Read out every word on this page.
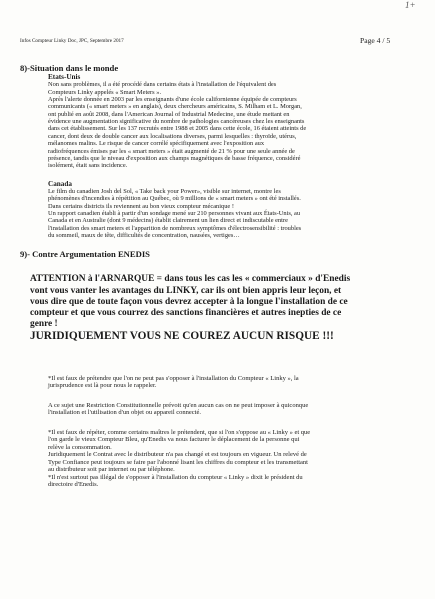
1+
Infos Compteur Linky Doc, JPC, Septembre 2017	Page 4 / 5

8)-Situation dans le monde

Etats-Unis

Non sans problèmes, il a été procédé dans certains états à l'installation de l'équivalent des
Compteurs Linky appelés « Smart Meters ».
Après l'alerte donnée en 2003 par les enseignants d'une école californienne équipée de compteurs
communicants (« smart meters » en anglais), deux chercheurs américains, S. Milham et L. Morgan,
ont publié en août 2008, dans l'American Journal of Industrial Medecine, une étude mettant en
évidence une augmentation significative du nombre de pathologies cancéreuses chez les enseignants
dans cet établissement. Sur les 137 recrutés entre 1988 et 2005 dans cette école, 16 étaient atteints de
cancer, dont deux de double cancer aux localisations diverses, parmi lesquelles : thyroïde, utérus,
mélanomes malins. Le risque de cancer corrélé spécifiquement avec l'exposition aux
radiofréquences émises par les « smart meters » était augmenté de 21 % pour une seule année de
présence, tandis que le niveau d'exposition aux champs magnétiques de basse fréquence, considéré
isolément, était sans incidence.

Canada

Le film du canadien Josh del Sol, « Take back your Power», visible sur internet, montre les
phénomènes d'incendies à répétition au Québec, où 9 millions de « smart meters » ont été installés.
Dans certains districts ils reviennent au bon vieux compteur mécanique !
Un rapport canadien établi à partir d'un sondage mené sur 210 personnes vivant aux États-Unis, au
Canada et en Australie (dont 9 médecins) établit clairement un lien direct et indiscutable entre
l'installation des smart meters et l'apparition de nombreux symptômes d'électrosensibilité : troubles
du sommeil, maux de tête, difficultés de concentration, nausées, vertiges…

9)- Contre Argumentation ENEDIS

ATTENTION à l'ARNARQUE = dans tous les cas les « commerciaux » d'Enedis
vont vous vanter les avantages du LINKY, car ils ont bien appris leur leçon, et
vous dire que de toute façon vous devrez accepter à la longue l'installation de ce
compteur et que vous courrez des sanctions financières et autres inepties de ce
genre !
JURIDIQUEMENT VOUS NE COUREZ AUCUN RISQUE !!!
*Il est faux de prétendre que l'on ne peut pas s'opposer à l'installation du Compteur « Linky », la
jurisprudence est là pour nous le rappeler.
A ce sujet une Restriction Constitutionnelle prévoit qu'en aucun cas on ne peut imposer à quiconque
l'installation et l'utilisation d'un objet ou appareil connecté.
*Il est faux de répéter, comme certains maîtres le prétendent, que si l'on s'oppose au « Linky » et que
l'on garde le vieux Compteur Bleu, qu'Enedis va nous facturer le déplacement de la personne qui
relève la consommation.
Juridiquement le Contrat avec le distributeur n'a pas changé et est toujours en vigueur. Un relevé de
Type Confiance peut toujours se faire par l'abonné lisant les chiffres du compteur et les transmettant
au distributeur soit par internet ou par téléphone.
*Il n'est surtout pas illégal de s'opposer à l'installation du compteur « Linky » dixit le président du
directoire d'Enedis.
